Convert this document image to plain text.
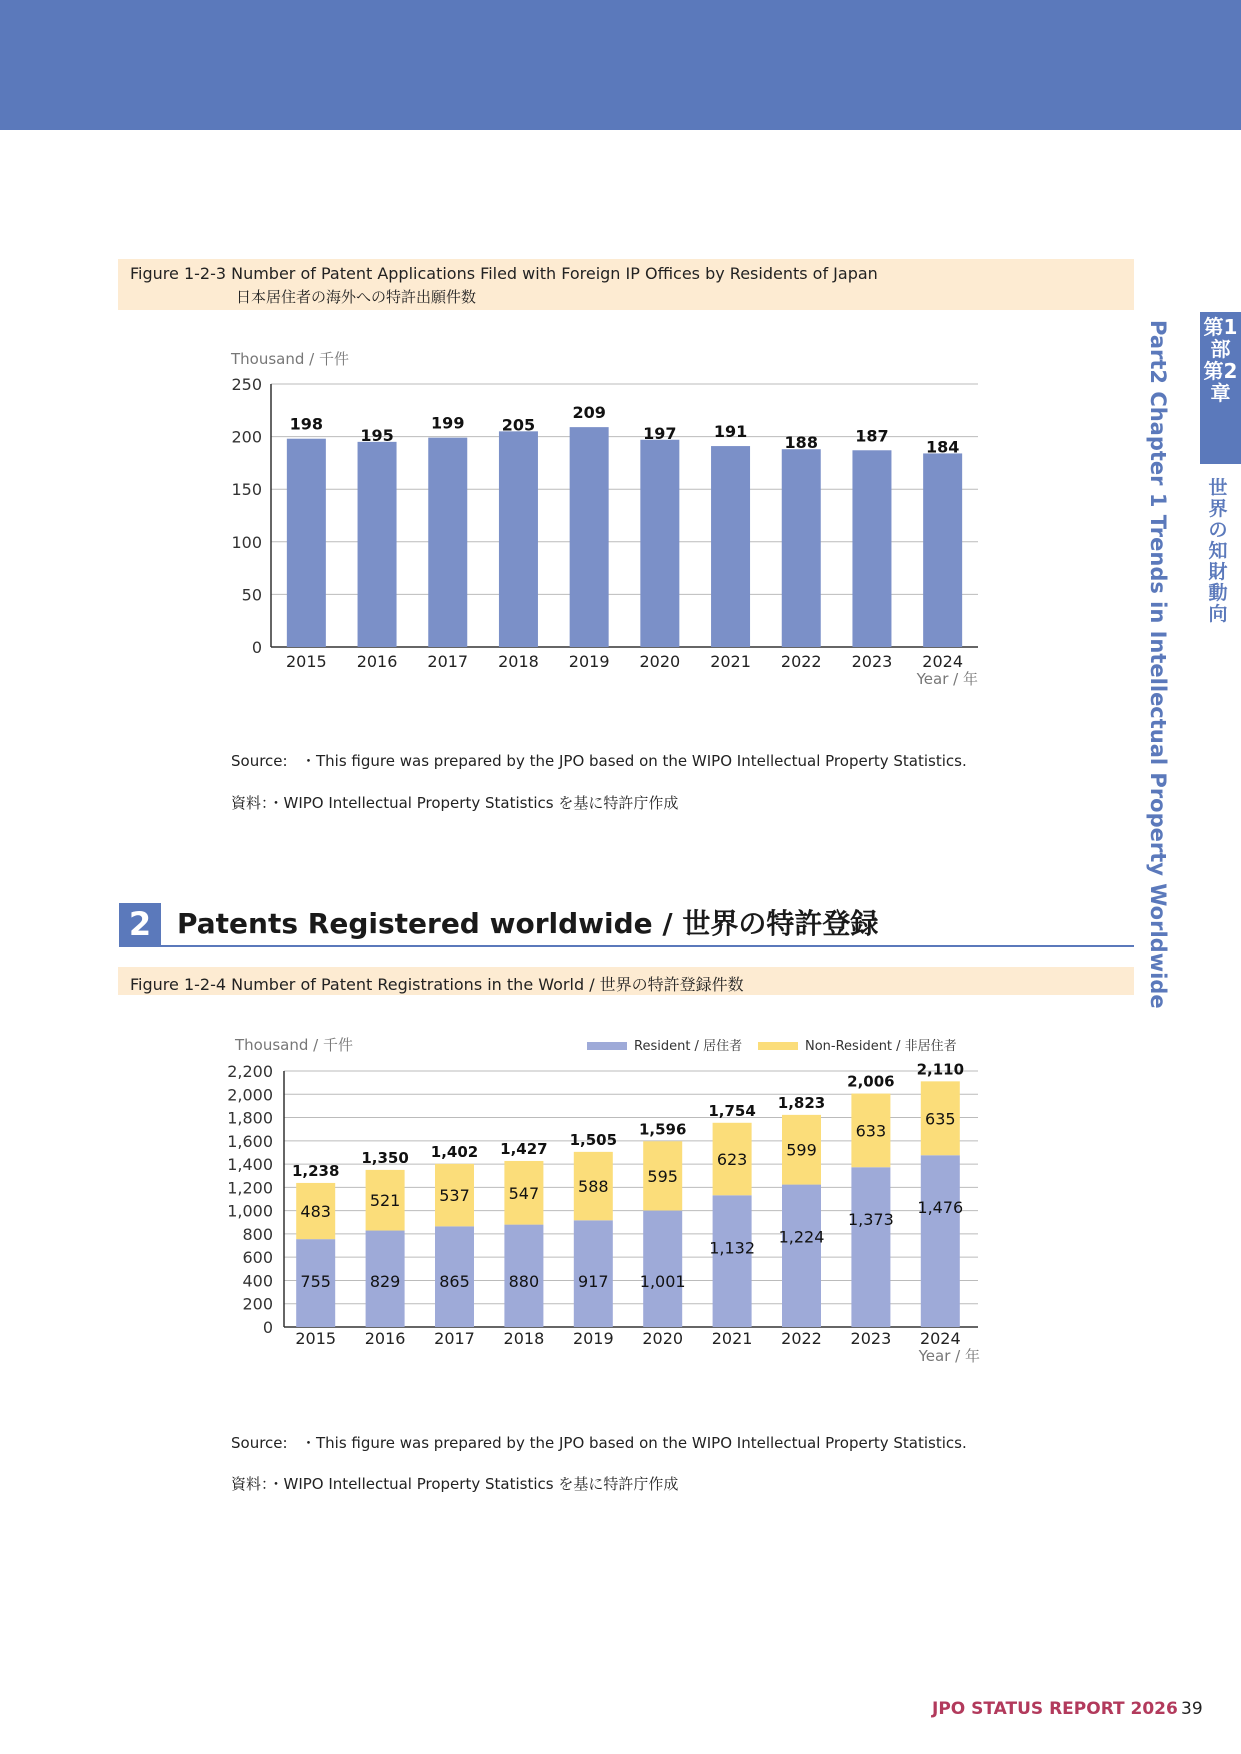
第1部 第2章
Part2 Chapter 1 Trends in Intellectual Property Worldwide 世界の知財動向
Figure 1-2-3 Number of Patent Applications Filed with Foreign IP Offices by Residents of Japan
日本居住者の海外への特許出願件数
0
50
100
150
200
250
198
2015
195
2016
199
2017
205
2018
209
2019
197
2020
191
2021
188
2022
187
2023
184
2024
Thousand / 千件
Year / 年
Source: ・This figure was prepared by the JPO based on the WIPO Intellectual Property Statistics.
資料：・WIPO Intellectual Property Statistics を基に特許庁作成
2 Patents Registered worldwide / 世界の特許登録
Figure 1-2-4 Number of Patent Registrations in the World / 世界の特許登録件数
0
200
400
600
800
1,000
1,200
1,400
1,600
1,800
2,000
2,200
755
483
1,238
2015
829
521
1,350
2016
865
537
1,402
2017
880
547
1,427
2018
917
588
1,505
2019
1,001
595
1,596
2020
1,132
623
1,754
2021
1,224
599
1,823
2022
1,373
633
2,006
2023
1,476
635
2,110
2024
Thousand / 千件
Year / 年
Resident / 居住者	Non-Resident / 非居住者
Source: ・This figure was prepared by the JPO based on the WIPO Intellectual Property Statistics.
資料：・WIPO Intellectual Property Statistics を基に特許庁作成
JPO STATUS REPORT 2026 39
